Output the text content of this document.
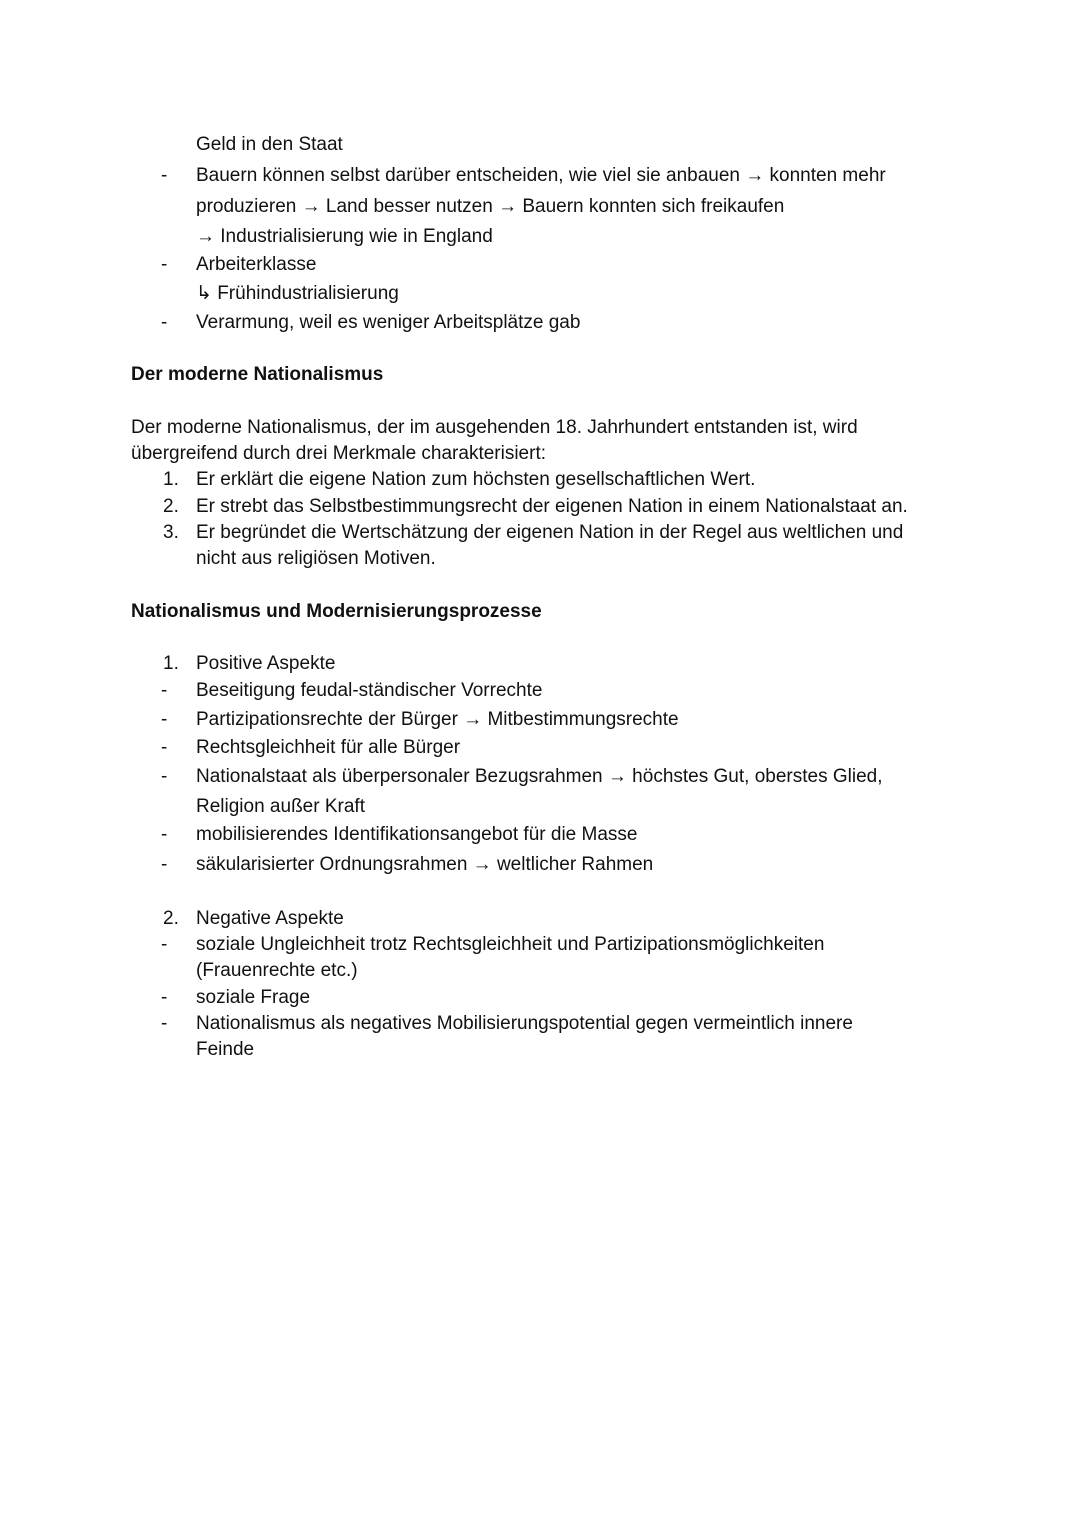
Geld in den Staat
- Bauern können selbst darüber entscheiden, wie viel sie anbauen → konnten mehr
produzieren → Land besser nutzen → Bauern konnten sich freikaufen
→ Industrialisierung wie in England
- Arbeiterklasse
↳ Frühindustrialisierung
- Verarmung, weil es weniger Arbeitsplätze gab
Der moderne Nationalismus
Der moderne Nationalismus, der im ausgehenden 18. Jahrhundert entstanden ist, wird
übergreifend durch drei Merkmale charakterisiert:
1. Er erklärt die eigene Nation zum höchsten gesellschaftlichen Wert.
2. Er strebt das Selbstbestimmungsrecht der eigenen Nation in einem Nationalstaat an.
3. Er begründet die Wertschätzung der eigenen Nation in der Regel aus weltlichen und
nicht aus religiösen Motiven.
Nationalismus und Modernisierungsprozesse
1. Positive Aspekte
- Beseitigung feudal-ständischer Vorrechte
- Partizipationsrechte der Bürger → Mitbestimmungsrechte
- Rechtsgleichheit für alle Bürger
- Nationalstaat als überpersonaler Bezugsrahmen → höchstes Gut, oberstes Glied,
Religion außer Kraft
- mobilisierendes Identifikationsangebot für die Masse
- säkularisierter Ordnungsrahmen → weltlicher Rahmen
2. Negative Aspekte
- soziale Ungleichheit trotz Rechtsgleichheit und Partizipationsmöglichkeiten
(Frauenrechte etc.)
- soziale Frage
- Nationalismus als negatives Mobilisierungspotential gegen vermeintlich innere
Feinde
